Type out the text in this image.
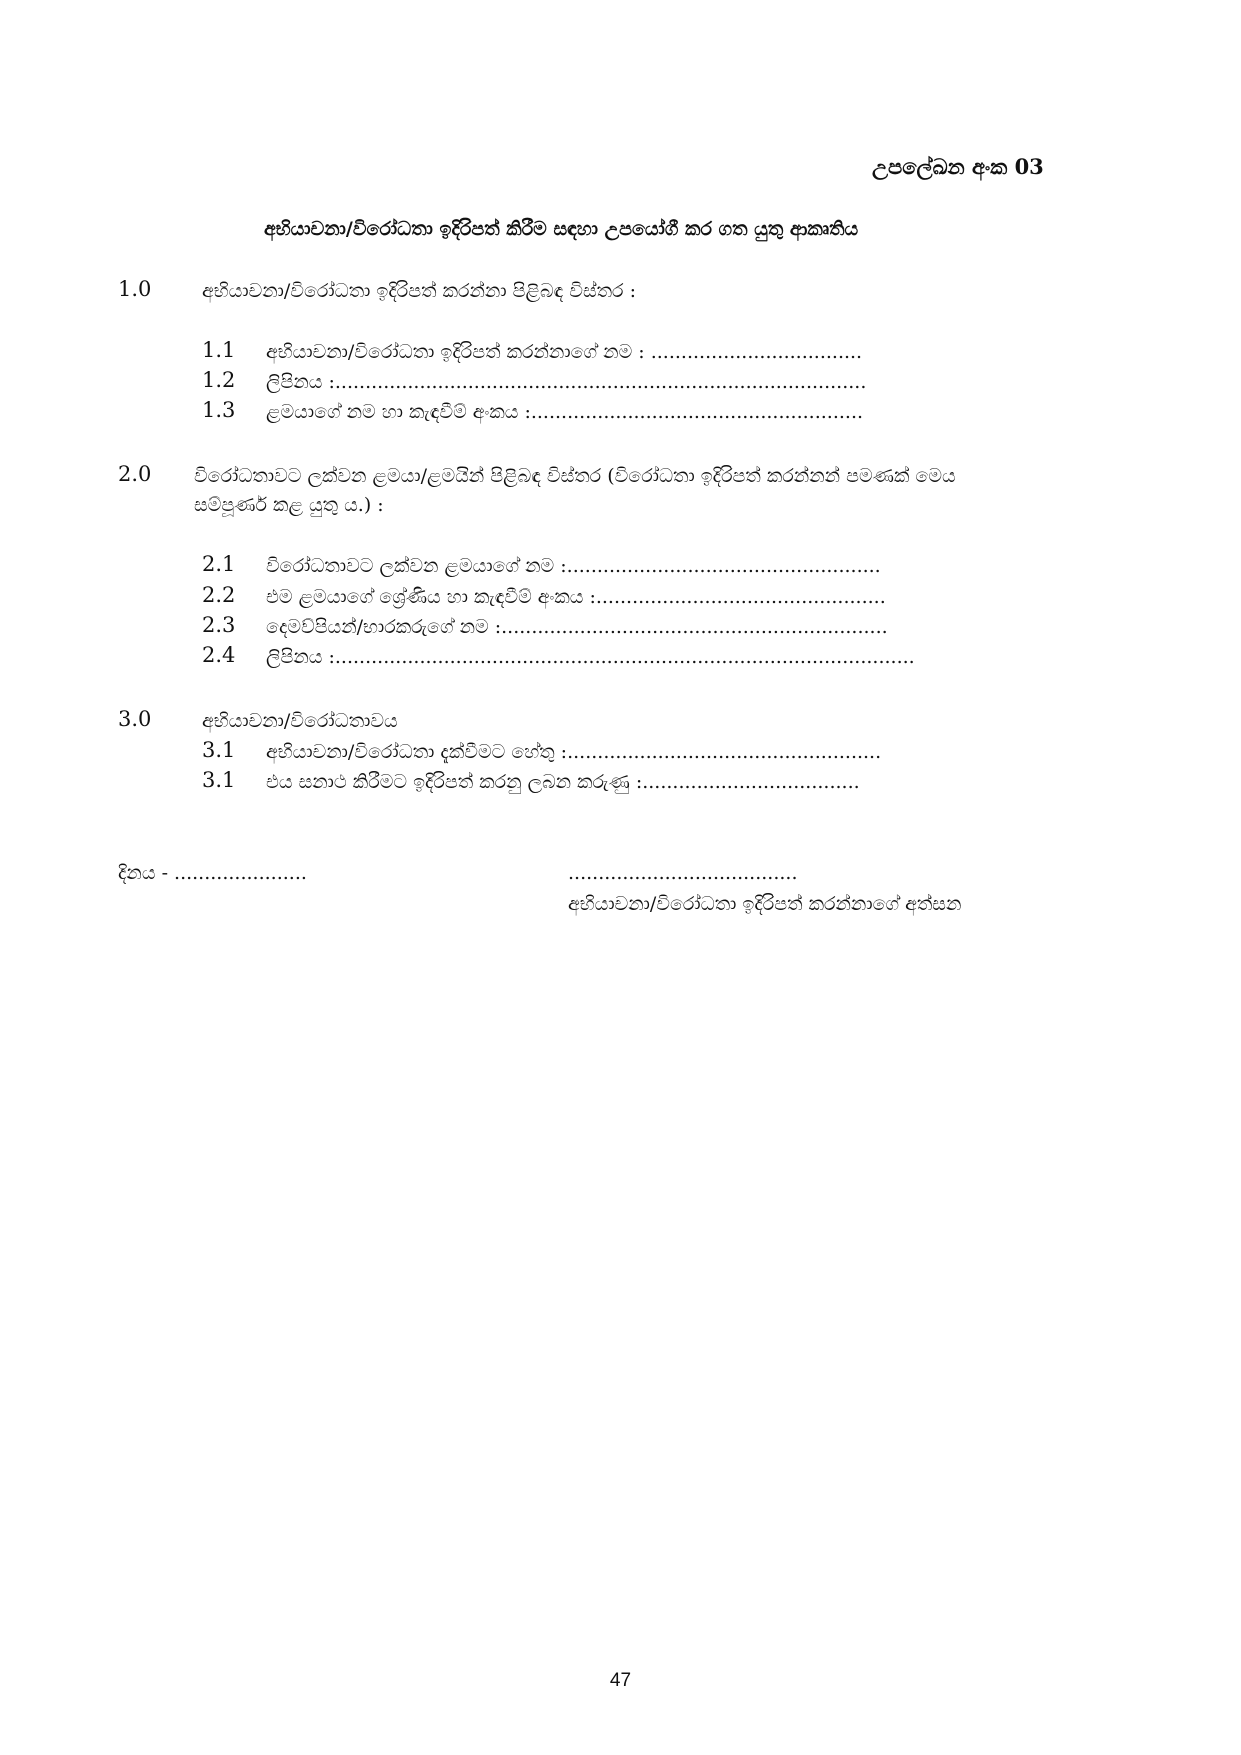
උපලේඛන අංක 03
අභියාචනා/විරෝධතා ඉදිරිපත් කිරීම සඳහා උපයෝගී කර ගත යුතු ආකෘතිය
1.0	අභියාචනා/විරෝධතා ඉදිරිපත් කරන්නා පිළිබඳ විස්තර :
1.1 අභියාචනා/විරෝධතා ඉදිරිපත් කරන්නාගේ නම : ...................................
1.2 ලිපිනය :........................................................................................
1.3 ළමයාගේ නම හා කැඳවීම් අංකය :.......................................................
2.0 විරෝධතාවට ලක්වන ළමයා/ළමයින් පිළිබඳ විස්තර (විරෝධතා ඉදිරිපත් කරන්නන් පමණක් මෙය
සම්පූර්ණ කළ යුතු ය.) :
2.1 විරෝධතාවට ලක්වන ළමයාගේ නම :....................................................
2.2 එම ළමයාගේ ශ්‍රේණිය හා කැඳවීම් අංකය :................................................
2.3 දෙමව්පියන්/භාරකරුගේ නම :................................................................
2.4 ලිපිනය :................................................................................................
3.0	අභියාචනා/විරෝධතාවය
3.1 අභියාචනා/විරෝධතා දැක්වීමට හේතු :....................................................
3.1 එය සනාථ කිරීමට ඉදිරිපත් කරනු ලබන කරුණු :....................................
දිනය - ......................	......................................
අභියාචනා/විරෝධතා ඉදිරිපත් කරන්නාගේ අත්සන
47
